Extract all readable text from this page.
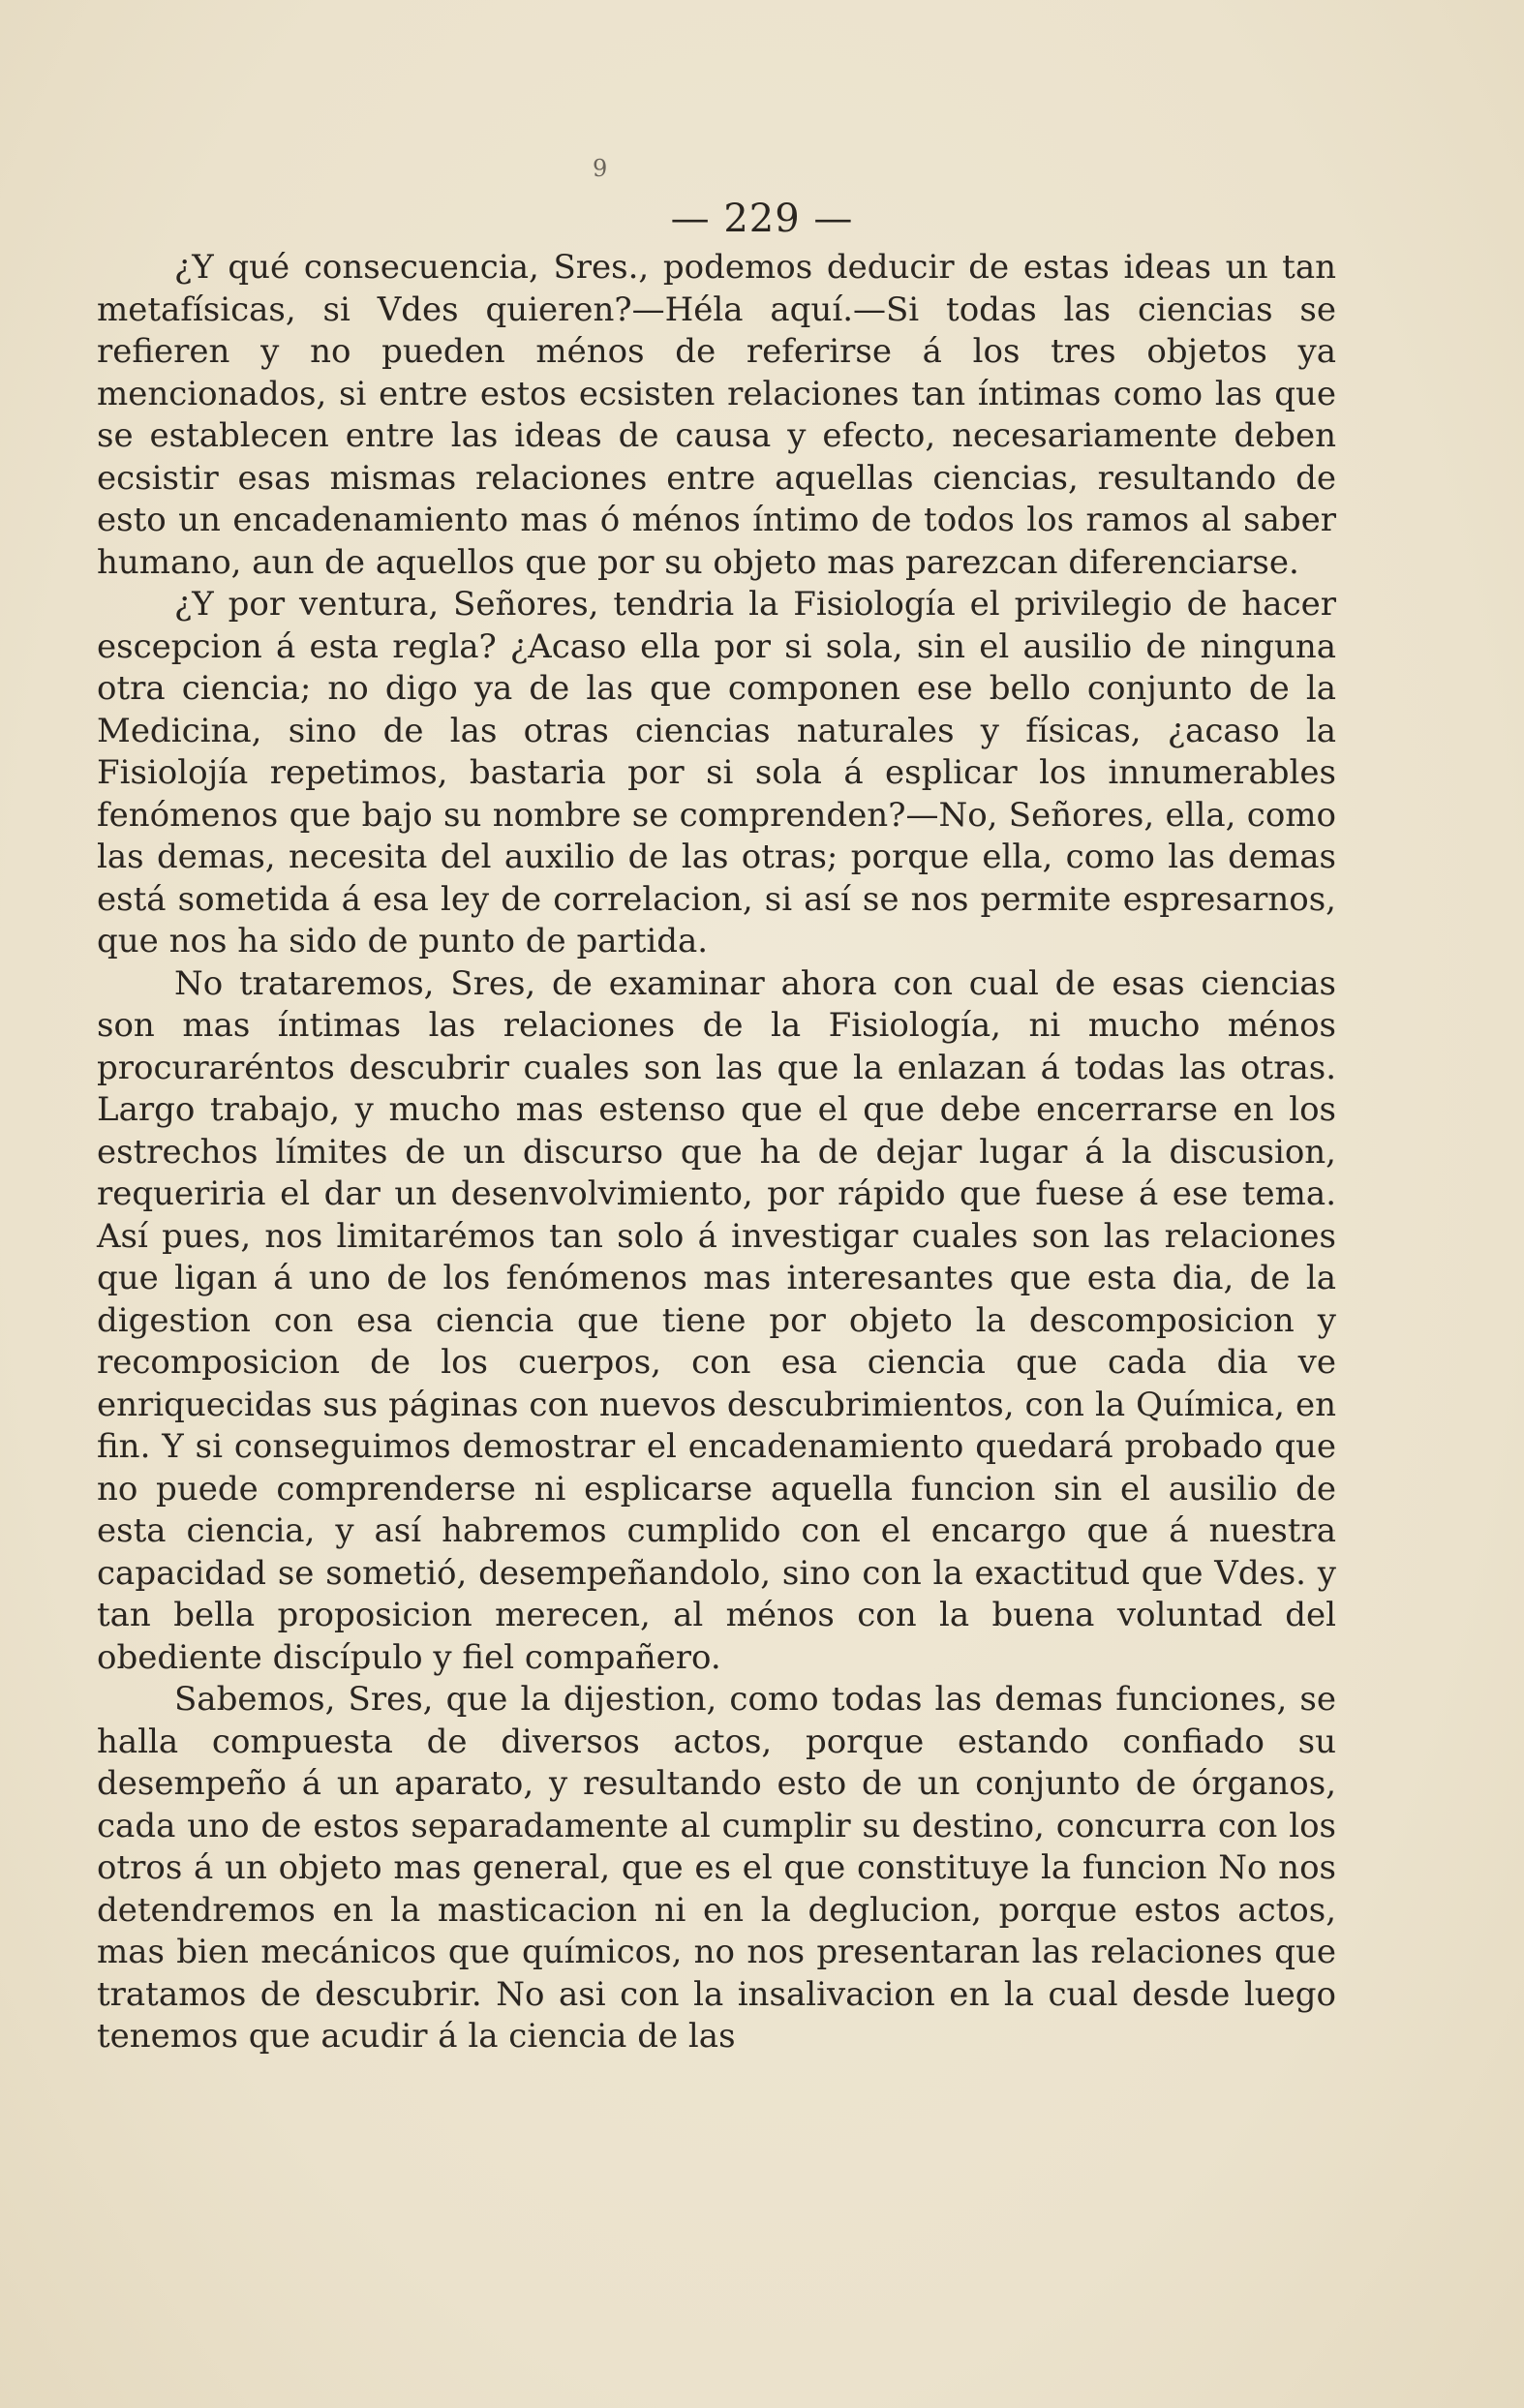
9
— 229 —

¿Y qué consecuencia, Sres., podemos deducir de estas ideas un tan metafísicas, si Vdes quieren?—Héla aquí.—Si todas las ciencias se refieren y no pueden ménos de referirse á los tres objetos ya mencionados, si entre estos ecsisten relaciones tan íntimas como las que se establecen entre las ideas de causa y efecto, necesariamente deben ecsistir esas mismas relaciones entre aquellas ciencias, resultando de esto un encadenamiento mas ó ménos íntimo de todos los ramos al saber humano, aun de aquellos que por su objeto mas parezcan diferenciarse.

¿Y por ventura, Señores, tendria la Fisiología el privilegio de hacer escepcion á esta regla? ¿Acaso ella por si sola, sin el ausilio de ninguna otra ciencia; no digo ya de las que componen ese bello conjunto de la Medicina, sino de las otras ciencias naturales y físicas, ¿acaso la Fisiolojía repetimos, bastaria por si sola á esplicar los innumerables fenómenos que bajo su nombre se comprenden?—No, Señores, ella, como las demas, necesita del auxilio de las otras; porque ella, como las demas está sometida á esa ley de correlacion, si así se nos permite espresarnos, que nos ha sido de punto de partida.

No trataremos, Sres, de examinar ahora con cual de esas ciencias son mas íntimas las relaciones de la Fisiología, ni mucho ménos procuraréntos descubrir cuales son las que la enlazan á todas las otras. Largo trabajo, y mucho mas estenso que el que debe encerrarse en los estrechos límites de un discurso que ha de dejar lugar á la discusion, requeriria el dar un desenvolvimiento, por rápido que fuese á ese tema. Así pues, nos limitarémos tan solo á investigar cuales son las relaciones que ligan á uno de los fenómenos mas interesantes que esta dia, de la digestion con esa ciencia que tiene por objeto la descomposicion y recomposicion de los cuerpos, con esa ciencia que cada dia ve enriquecidas sus páginas con nuevos descubrimientos, con la Química, en fin. Y si conseguimos demostrar el encadenamiento quedará probado que no puede comprenderse ni esplicarse aquella funcion sin el ausilio de esta ciencia, y así habremos cumplido con el encargo que á nuestra capacidad se sometió, desempeñandolo, sino con la exactitud que Vdes. y tan bella proposicion merecen, al ménos con la buena voluntad del obediente discípulo y fiel compañero.

Sabemos, Sres, que la dijestion, como todas las demas funciones, se halla compuesta de diversos actos, porque estando confiado su desempeño á un aparato, y resultando esto de un conjunto de órganos, cada uno de estos separadamente al cumplir su destino, concurra con los otros á un objeto mas general, que es el que constituye la funcion No nos detendremos en la masticacion ni en la deglucion, porque estos actos, mas bien mecánicos que químicos, no nos presentaran las relaciones que tratamos de descubrir. No asi con la insalivacion en la cual desde luego tenemos que acudir á la ciencia de las
